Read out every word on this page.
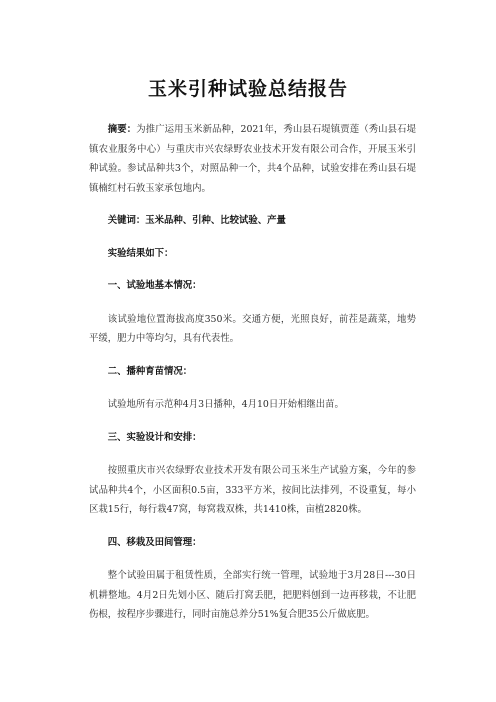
玉米引种试验总结报告

摘要：为推广运用玉米新品种，2021年，秀山县石堤镇贾莲（秀山县石堤镇农业服务中心）与重庆市兴农绿野农业技术开发有限公司合作，开展玉米引种试验。参试品种共3个，对照品种一个，共4个品种，试验安排在秀山县石堤镇楠红村石敦玉家承包地内。

关键词：玉米品种、引种、比较试验、产量

实验结果如下：

一、试验地基本情况：

该试验地位置海拔高度350米。交通方便，光照良好，前茬是蔬菜，地势平缓，肥力中等均匀，具有代表性。

二、播种育苗情况：

试验地所有示范种4月3日播种，4月10日开始相继出苗。

三、实验设计和安排：

按照重庆市兴农绿野农业技术开发有限公司玉米生产试验方案，今年的参试品种共4个，小区面积0.5亩，333平方米，按间比法排列，不设重复，每小区栽15行，每行栽47窝，每窝栽双株，共1410株，亩植2820株。

四、移栽及田间管理：

整个试验田属于租赁性质，全部实行统一管理，试验地于3月28日---30日机耕整地。4月2日先划小区、随后打窝丢肥，把肥料刨到一边再移栽，不让肥伤根，按程序步骤进行，同时亩施总养分51%复合肥35公斤做底肥。
